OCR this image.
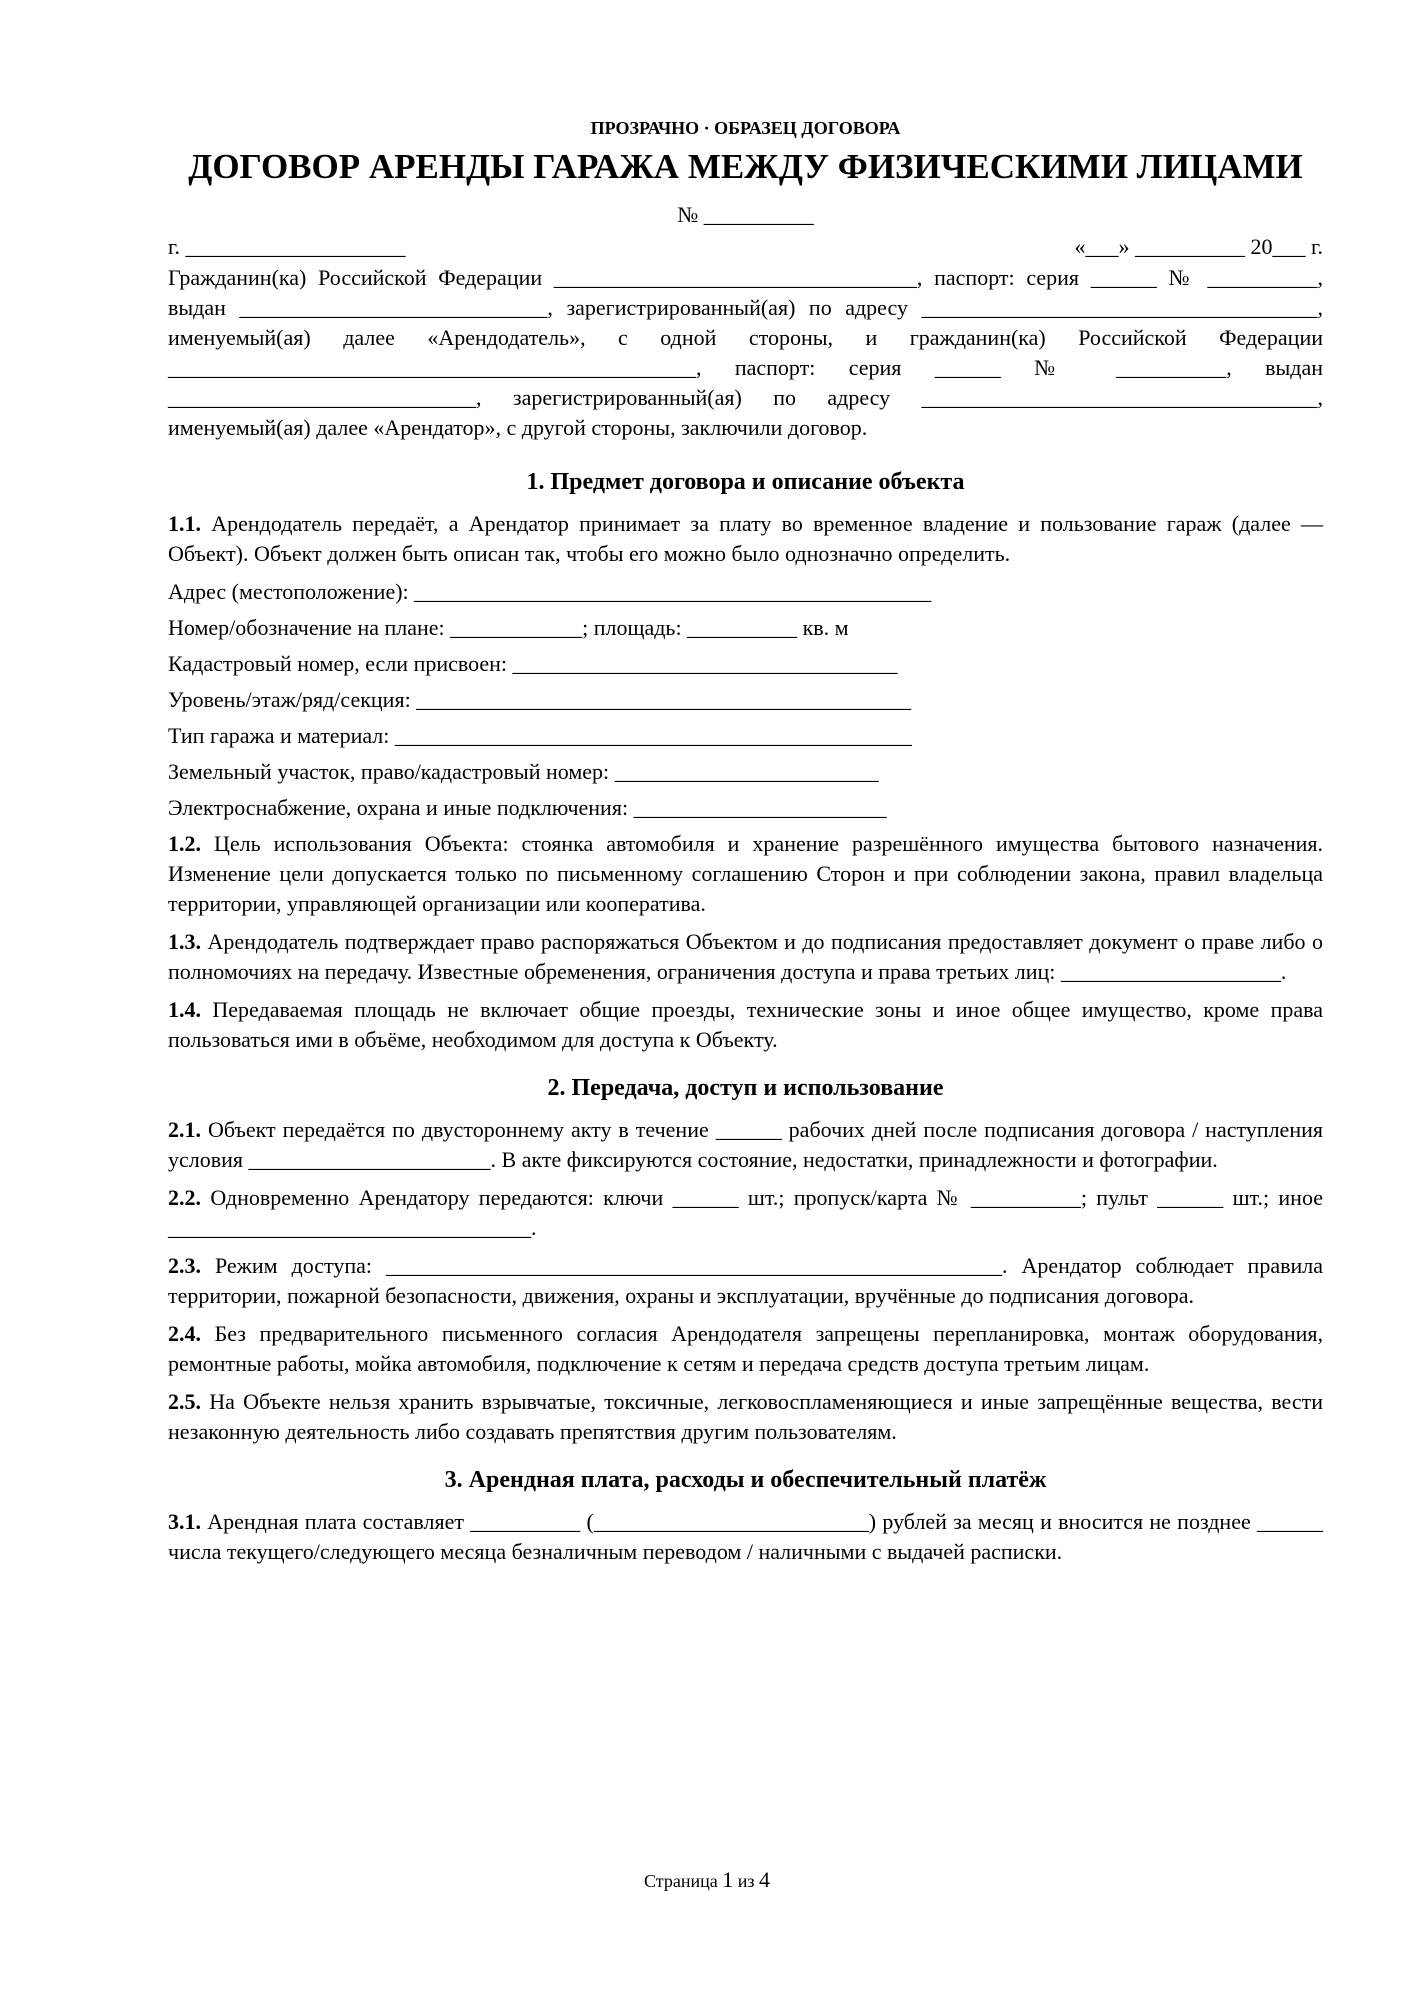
ПРОЗРАЧНО · ОБРАЗЕЦ ДОГОВОРА
ДОГОВОР АРЕНДЫ ГАРАЖА МЕЖДУ ФИЗИЧЕСКИМИ ЛИЦАМИ
№ __________
г. ____________________	«___» __________ 20___ г.

Гражданин(ка) Российской Федерации _________________________________, паспорт: серия ______ № __________, выдан ____________________________, зарегистрированный(ая) по адресу ____________________________________, именуемый(ая) далее «Арендодатель», с одной стороны, и гражданин(ка) Российской Федерации ________________________________________________, паспорт: серия ______ № __________, выдан ____________________________, зарегистрированный(ая) по адресу ____________________________________, именуемый(ая) далее «Арендатор», с другой стороны, заключили договор.

1. Предмет договора и описание объекта

1.1. Арендодатель передаёт, а Арендатор принимает за плату во временное владение и пользование гараж (далее — Объект). Объект должен быть описан так, чтобы его можно было однозначно определить.

Адрес (местоположение): _______________________________________________

Номер/обозначение на плане: ____________; площадь: __________ кв. м

Кадастровый номер, если присвоен: ___________________________________

Уровень/этаж/ряд/секция: _____________________________________________

Тип гаража и материал: _______________________________________________

Земельный участок, право/кадастровый номер: ________________________

Электроснабжение, охрана и иные подключения: _______________________

1.2. Цель использования Объекта: стоянка автомобиля и хранение разрешённого имущества бытового назначения. Изменение цели допускается только по письменному соглашению Сторон и при соблюдении закона, правил владельца территории, управляющей организации или кооператива.

1.3. Арендодатель подтверждает право распоряжаться Объектом и до подписания предоставляет документ о праве либо о полномочиях на передачу. Известные обременения, ограничения доступа и права третьих лиц: ____________________.

1.4. Передаваемая площадь не включает общие проезды, технические зоны и иное общее имущество, кроме права пользоваться ими в объёме, необходимом для доступа к Объекту.

2. Передача, доступ и использование

2.1. Объект передаётся по двустороннему акту в течение ______ рабочих дней после подписания договора / наступления условия ______________________. В акте фиксируются состояние, недостатки, принадлежности и фотографии.

2.2. Одновременно Арендатору передаются: ключи ______ шт.; пропуск/карта № __________; пульт ______ шт.; иное _________________________________.

2.3. Режим доступа: ________________________________________________________. Арендатор соблюдает правила территории, пожарной безопасности, движения, охраны и эксплуатации, вручённые до подписания договора.

2.4. Без предварительного письменного согласия Арендодателя запрещены перепланировка, монтаж оборудования, ремонтные работы, мойка автомобиля, подключение к сетям и передача средств доступа третьим лицам.

2.5. На Объекте нельзя хранить взрывчатые, токсичные, легковоспламеняющиеся и иные запрещённые вещества, вести незаконную деятельность либо создавать препятствия другим пользователям.

3. Арендная плата, расходы и обеспечительный платёж

3.1. Арендная плата составляет __________ (_________________________) рублей за месяц и вносится не позднее ______ числа текущего/следующего месяца безналичным переводом / наличными с выдачей расписки.

Страница 1 из 4
